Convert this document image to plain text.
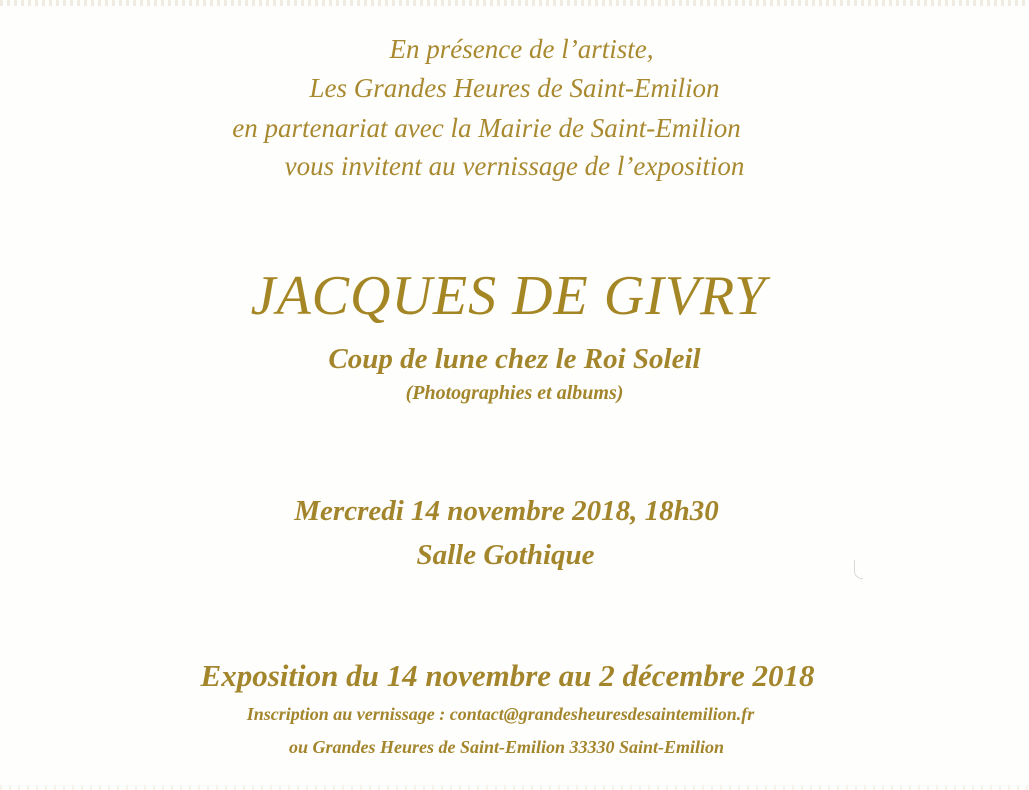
En présence de l’artiste,
Les Grandes Heures de Saint-Emilion
en partenariat avec la Mairie de Saint-Emilion
vous invitent au vernissage de l’exposition
JACQUES DE GIVRY
Coup de lune chez le Roi Soleil
(Photographies et albums)
Mercredi 14 novembre 2018, 18h30
Salle Gothique
Exposition du 14 novembre au 2 décembre 2018
Inscription au vernissage : contact@grandesheuresdesaintemilion.fr
ou Grandes Heures de Saint-Emilion 33330 Saint-Emilion
